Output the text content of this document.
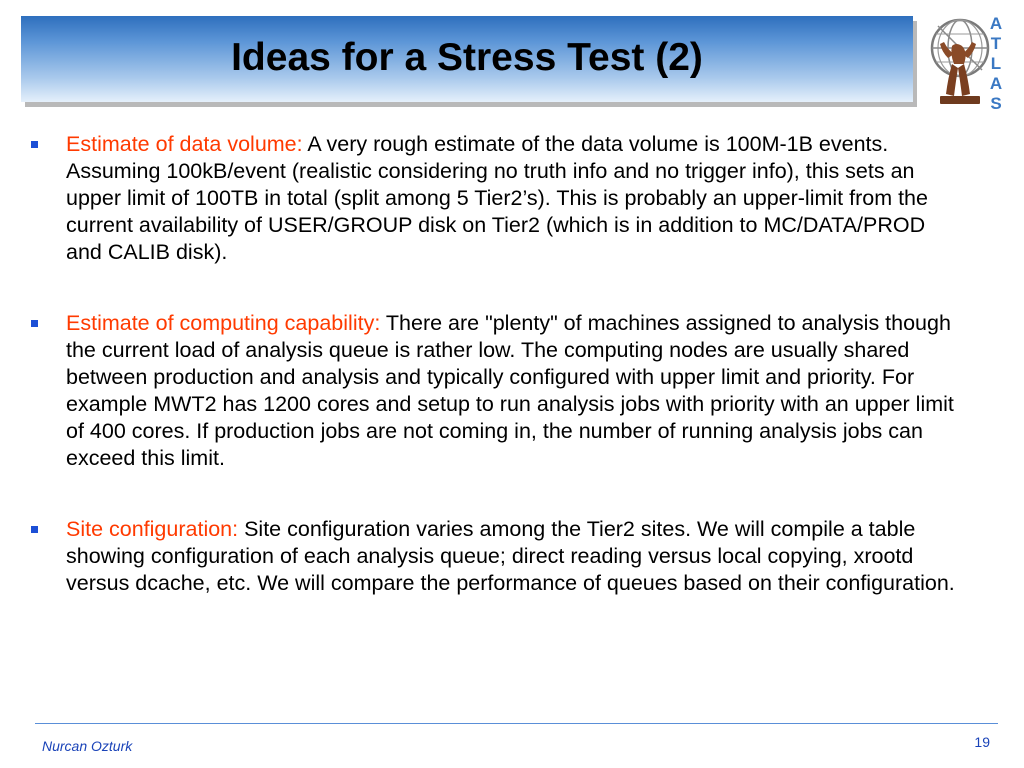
Ideas for a Stress Test (2)
A
T
L
A
S
Estimate of data volume: A very rough estimate of the data volume is 100M-1B events. Assuming 100kB/event (realistic considering no truth info and no trigger info), this sets an upper limit of 100TB in total (split among 5 Tier2’s). This is probably an upper-limit from the current availability of USER/GROUP disk on Tier2 (which is in addition to MC/DATA/PROD and CALIB disk).
Estimate of computing capability: There are "plenty" of machines assigned to analysis though the current load of analysis queue is rather low. The computing nodes are usually shared between production and analysis and typically configured with upper limit and priority. For example MWT2 has 1200 cores and setup to run analysis jobs with priority with an upper limit of 400 cores. If production jobs are not coming in, the number of running analysis jobs can exceed this limit.
Site configuration: Site configuration varies among the Tier2 sites. We will compile a table showing configuration of each analysis queue; direct reading versus local copying, xrootd versus dcache, etc. We will compare the performance of queues based on their configuration.
Nurcan Ozturk	19
